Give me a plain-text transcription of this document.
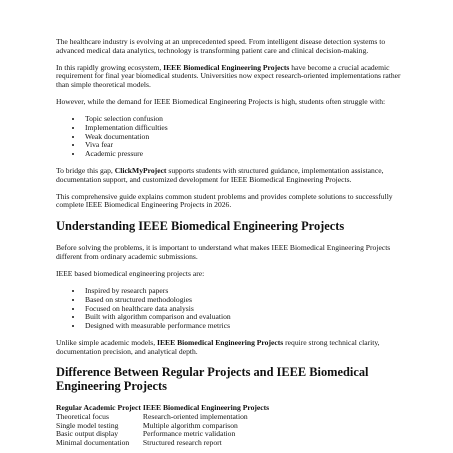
The healthcare industry is evolving at an unprecedented speed. From intelligent disease detection systems to advanced medical data analytics, technology is transforming patient care and clinical decision-making.

In this rapidly growing ecosystem, IEEE Biomedical Engineering Projects have become a crucial academic requirement for final year biomedical students. Universities now expect research-oriented implementations rather than simple theoretical models.

However, while the demand for IEEE Biomedical Engineering Projects is high, students often struggle with:

• Topic selection confusion
• Implementation difficulties
• Weak documentation
• Viva fear
• Academic pressure

To bridge this gap, ClickMyProject supports students with structured guidance, implementation assistance, documentation support, and customized development for IEEE Biomedical Engineering Projects.

This comprehensive guide explains common student problems and provides complete solutions to successfully complete IEEE Biomedical Engineering Projects in 2026.

Understanding IEEE Biomedical Engineering Projects

Before solving the problems, it is important to understand what makes IEEE Biomedical Engineering Projects different from ordinary academic submissions.

IEEE based biomedical engineering projects are:

• Inspired by research papers
• Based on structured methodologies
• Focused on healthcare data analysis
• Built with algorithm comparison and evaluation
• Designed with measurable performance metrics

Unlike simple academic models, IEEE Biomedical Engineering Projects require strong technical clarity, documentation precision, and analytical depth.

Difference Between Regular Projects and IEEE Biomedical Engineering Projects
Regular Academic Project	IEEE Biomedical Engineering Projects
Theoretical focus	Research-oriented implementation
Single model testing	Multiple algorithm comparison
Basic output display	Performance metric validation
Minimal documentation	Structured research report
